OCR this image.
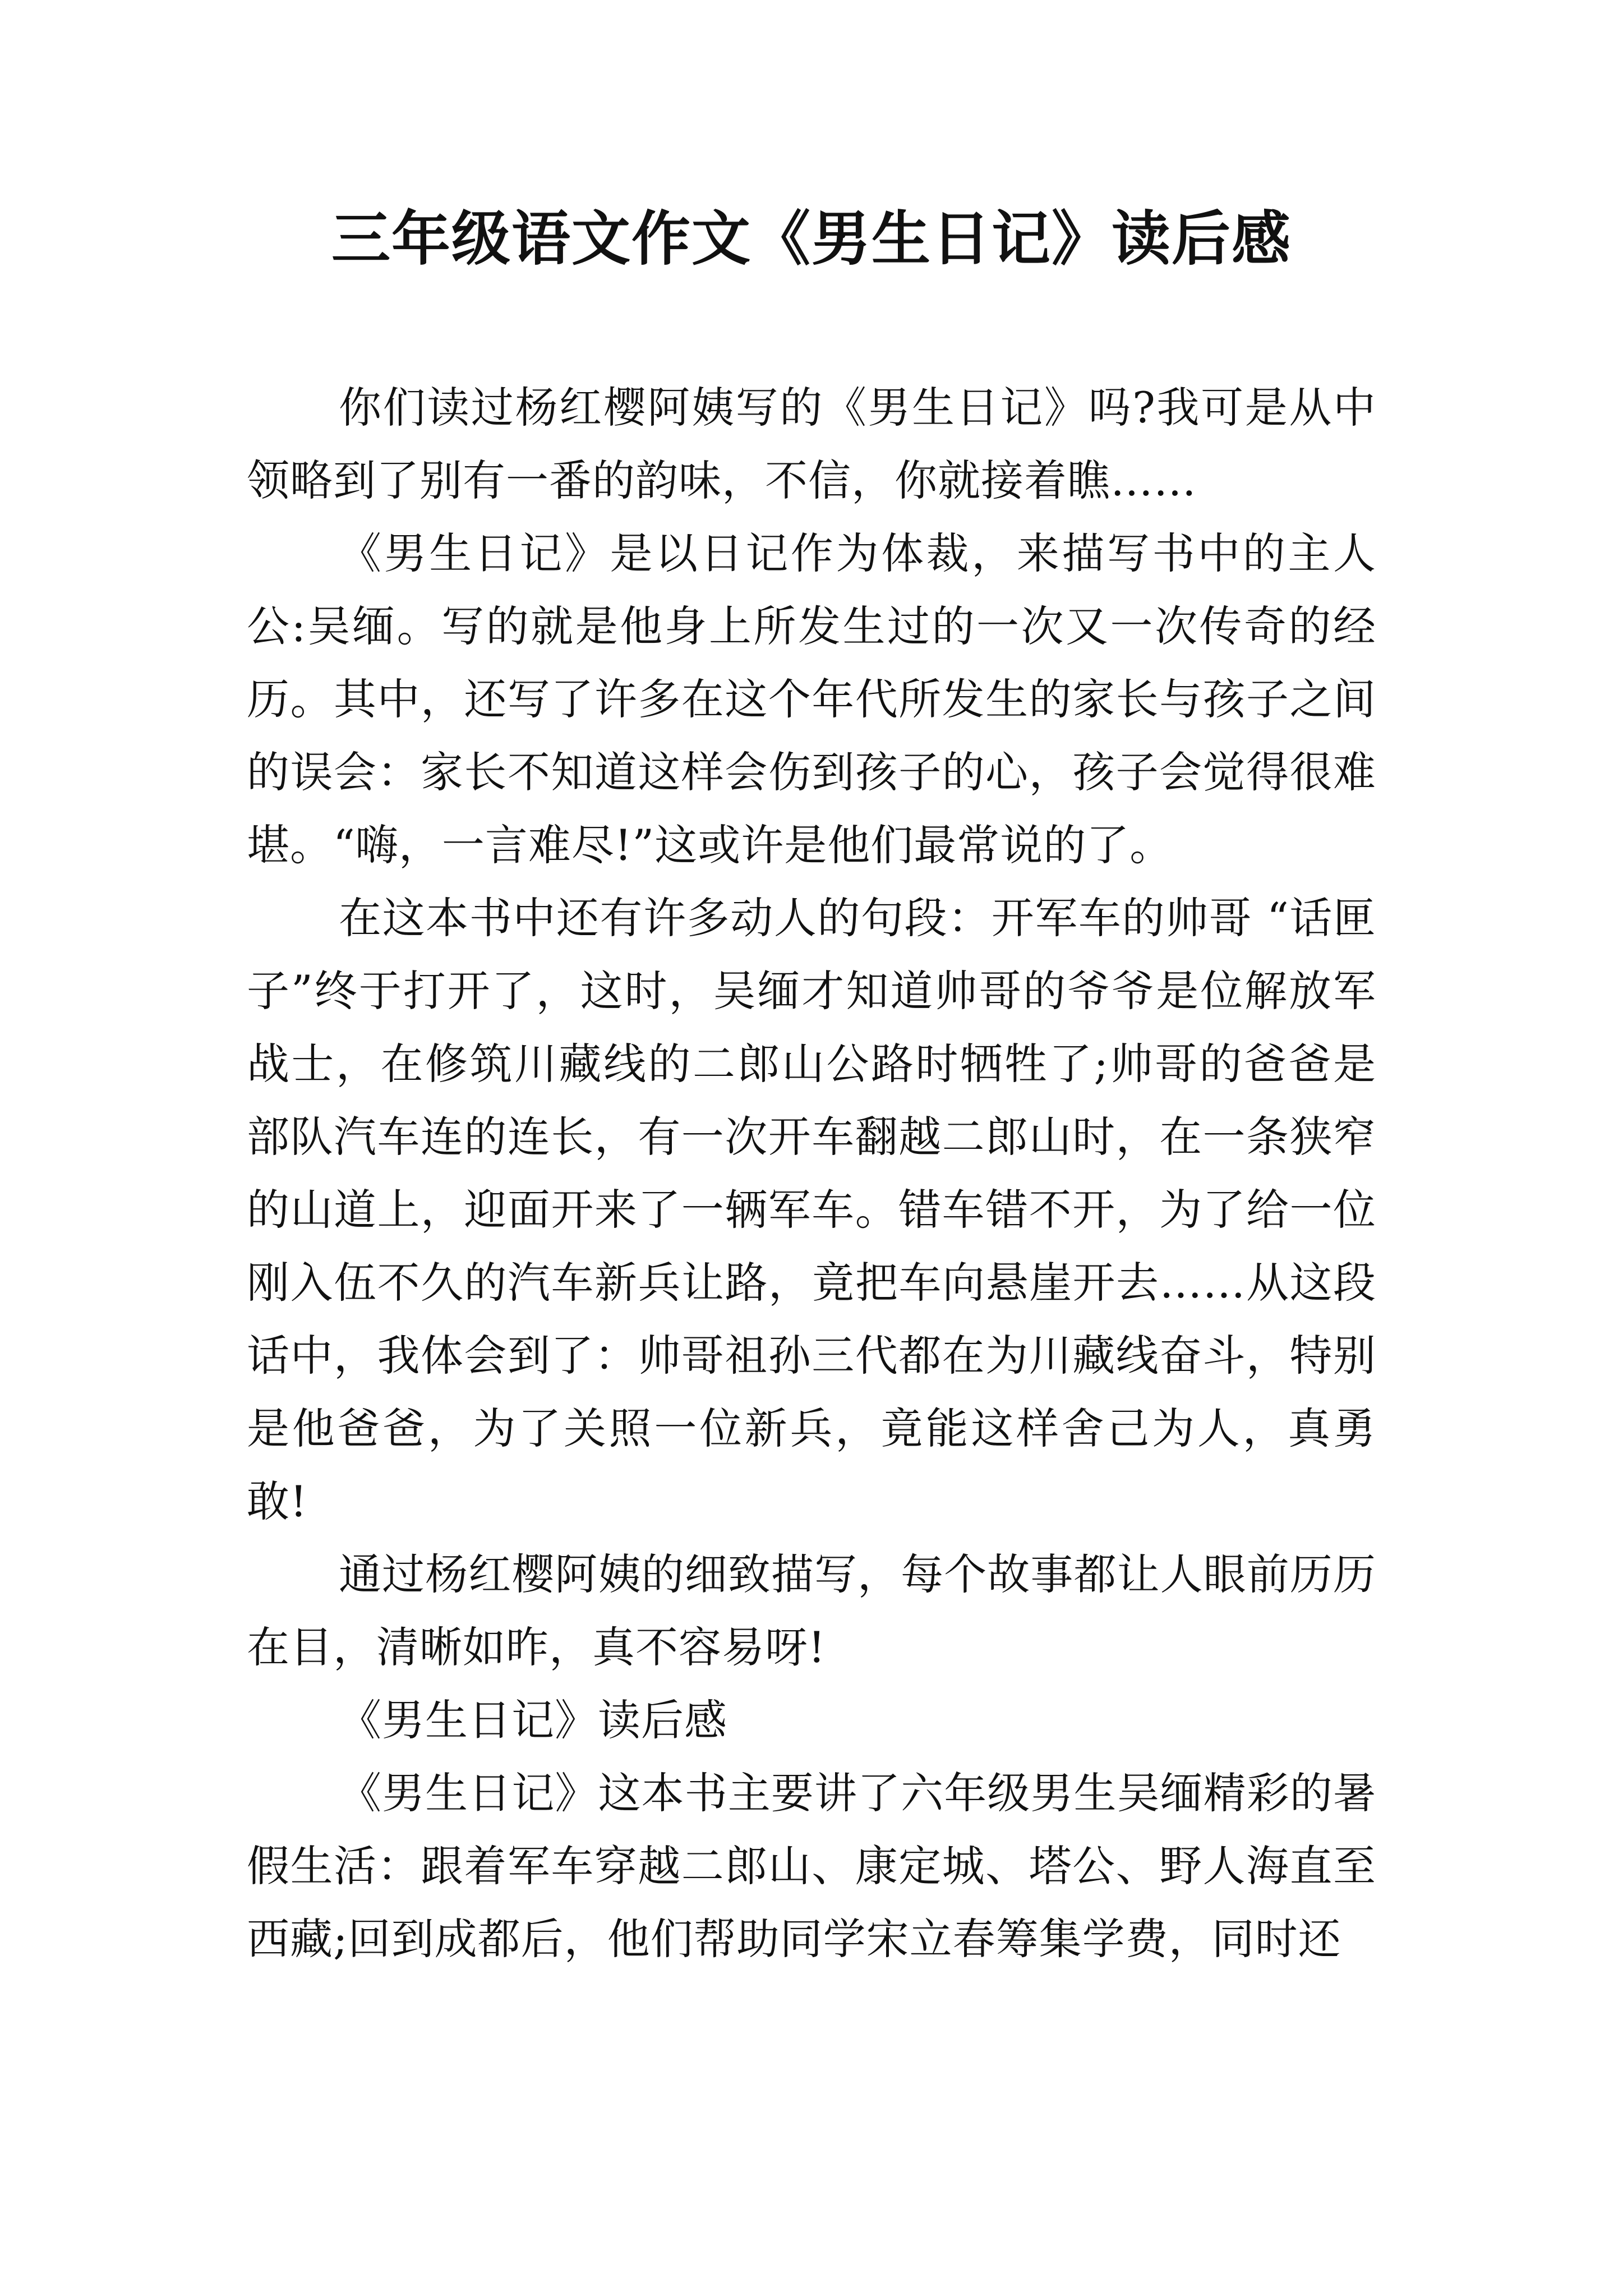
三年级语文作文《男生日记》读后感

你们读过杨红樱阿姨写的《男生日记》吗?我可是从中领略到了别有一番的韵味，不信，你就接着瞧……

《男生日记》是以日记作为体裁，来描写书中的主人公:吴缅。写的就是他身上所发生过的一次又一次传奇的经历。其中，还写了许多在这个年代所发生的家长与孩子之间的误会：家长不知道这样会伤到孩子的心，孩子会觉得很难堪。“嗨，一言难尽!”这或许是他们最常说的了。

在这本书中还有许多动人的句段：开军车的帅哥 “话匣子”终于打开了，这时，吴缅才知道帅哥的爷爷是位解放军战士，在修筑川藏线的二郎山公路时牺牲了;帅哥的爸爸是部队汽车连的连长，有一次开车翻越二郎山时，在一条狭窄的山道上，迎面开来了一辆军车。错车错不开，为了给一位刚入伍不久的汽车新兵让路，竟把车向悬崖开去……从这段话中，我体会到了：帅哥祖孙三代都在为川藏线奋斗，特别是他爸爸，为了关照一位新兵，竟能这样舍己为人，真勇敢!

通过杨红樱阿姨的细致描写，每个故事都让人眼前历历在目，清晰如昨，真不容易呀!

《男生日记》读后感

《男生日记》这本书主要讲了六年级男生吴缅精彩的暑假生活：跟着军车穿越二郎山、康定城、塔公、野人海直至西藏;回到成都后，他们帮助同学宋立春筹集学费，同时还
